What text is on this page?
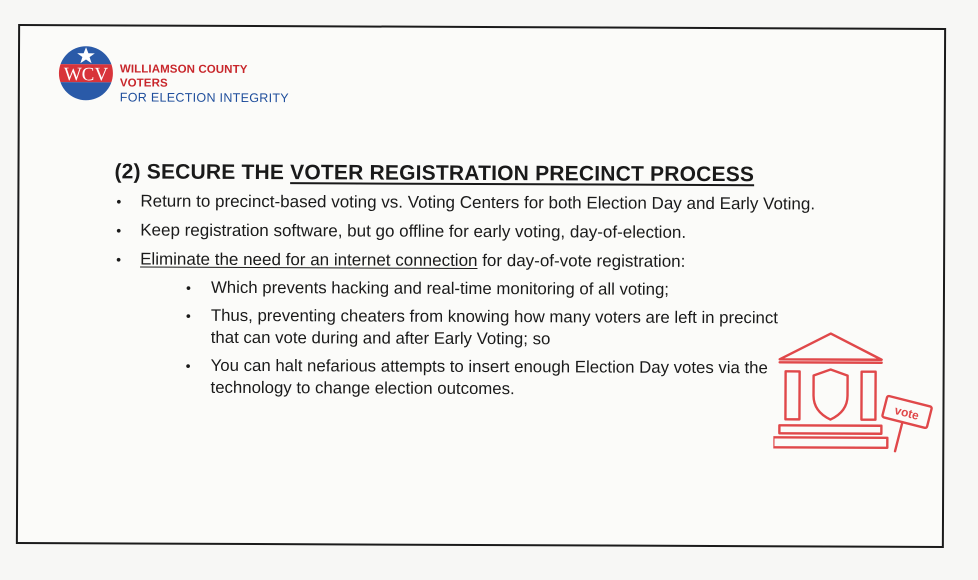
WCV WILLIAMSON COUNTY VOTERS
FOR ELECTION INTEGRITY
(2) SECURE THE VOTER REGISTRATION PRECINCT PROCESS
• Return to precinct-based voting vs. Voting Centers for both Election Day and Early Voting.
• Keep registration software, but go offline for early voting, day-of-election.
• Eliminate the need for an internet connection for day-of-vote registration:
• Which prevents hacking and real-time monitoring of all voting;
• Thus, preventing cheaters from knowing how many voters are left in precinct that can vote during and after Early Voting; so
• You can halt nefarious attempts to insert enough Election Day votes via the technology to change election outcomes.
vote
